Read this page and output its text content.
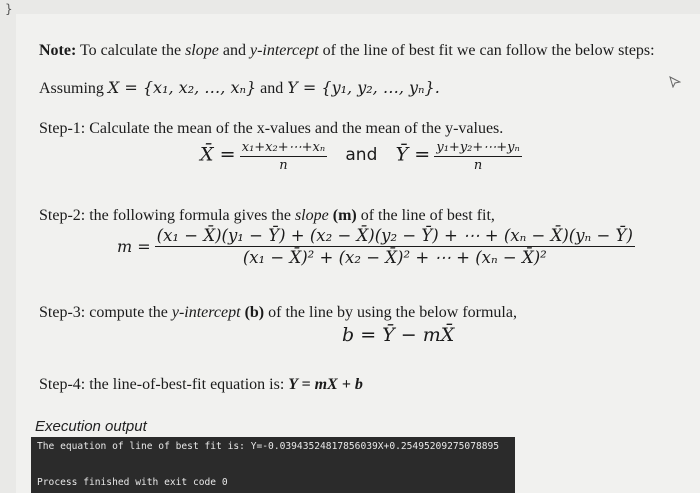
}
Note: To calculate the slope and y-intercept of the line of best fit we can follow the below steps:
Assuming X = {x₁, x₂, …, xₙ} and Y = {y₁, y₂, …, yₙ}.
Step-1: Calculate the mean of the x-values and the mean of the y-values.
X̄ = $\frac{\text{x₁+x₂+⋯+xₙ}}{n}$ and Ȳ = $\frac{\text{y₁+y₂+⋯+yₙ}}{n}$
Step-2: the following formula gives the slope (m) of the line of best fit,
m =
(x₁ − X̄)(y₁ − Ȳ) + (x₂ − X̄)(y₂ − Ȳ) + ⋯ + (xₙ − X̄)(yₙ − Ȳ)
(x₁ − X̄)² + (x₂ − X̄)² + ⋯ + (xₙ − X̄)²
Step-3: compute the y-intercept (b) of the line by using the below formula,
b = Ȳ − mX̄
Step-4: the line-of-best-fit equation is: Y = mX + b
Execution output
The equation of line of best fit is: Y=-0.03943524817856039X+0.25495209275078895
Process finished with exit code 0
